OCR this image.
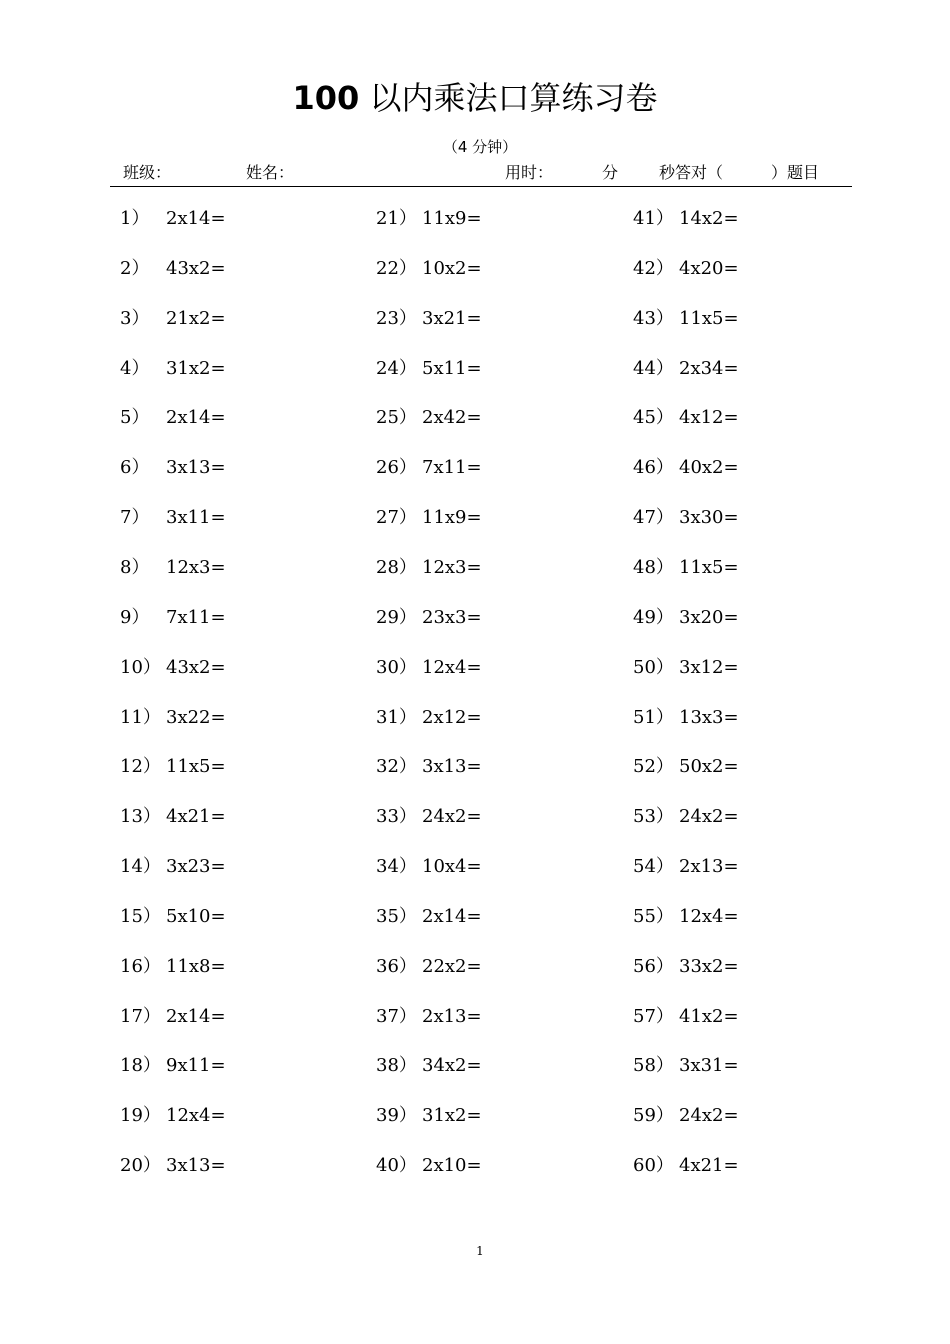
100 以内乘法口算练习卷
（4 分钟）
班级：	姓名：	用时：	分	秒答对（　　　）题目
1） 2x14=
2） 43x2=
3） 21x2=
4） 31x2=
5） 2x14=
6） 3x13=
7） 3x11=
8） 12x3=
9） 7x11=
10） 43x2=
11） 3x22=
12） 11x5=
13） 4x21=
14） 3x23=
15） 5x10=
16） 11x8=
17） 2x14=
18） 9x11=
19） 12x4=
20） 3x13=
21） 11x9=
22） 10x2=
23） 3x21=
24） 5x11=
25） 2x42=
26） 7x11=
27） 11x9=
28） 12x3=
29） 23x3=
30） 12x4=
31） 2x12=
32） 3x13=
33） 24x2=
34） 10x4=
35） 2x14=
36） 22x2=
37） 2x13=
38） 34x2=
39） 31x2=
40） 2x10=
41） 14x2=
42） 4x20=
43） 11x5=
44） 2x34=
45） 4x12=
46） 40x2=
47） 3x30=
48） 11x5=
49） 3x20=
50） 3x12=
51） 13x3=
52） 50x2=
53） 24x2=
54） 2x13=
55） 12x4=
56） 33x2=
57） 41x2=
58） 3x31=
59） 24x2=
60） 4x21=
1
